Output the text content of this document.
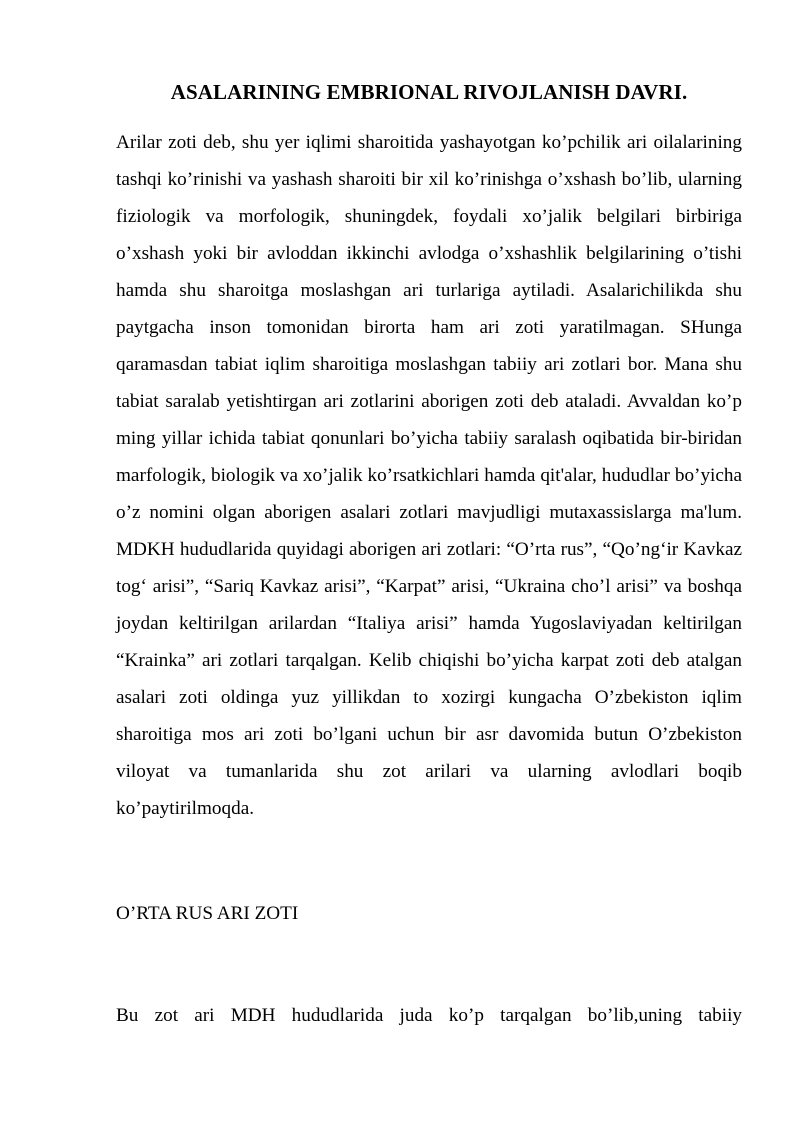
ASALARINING EMBRIONAL RIVOJLANISH DAVRI.

Arilar zoti deb, shu yer iqlimi sharoitida yashayotgan ko’pchilik ari oilalarining tashqi ko’rinishi va yashash sharoiti bir xil ko’rinishga o’xshash bo’lib, ularning fiziologik va morfologik, shuningdek, foydali xo’jalik belgilari birbiriga o’xshash yoki bir avloddan ikkinchi avlodga o’xshashlik belgilarining o’tishi hamda shu sharoitga moslashgan ari turlariga aytiladi. Asalarichilikda shu paytgacha inson tomonidan birorta ham ari zoti yaratilmagan. SHunga qaramasdan tabiat iqlim sharoitiga moslashgan tabiiy ari zotlari bor. Mana shu tabiat saralab yetishtirgan ari zotlarini aborigen zoti deb ataladi. Avvaldan ko’p ming yillar ichida tabiat qonunlari bo’yicha tabiiy saralash oqibatida bir-biridan marfologik, biologik va xo’jalik ko’rsatkichlari hamda qit'alar, hududlar bo’yicha o’z nomini olgan aborigen asalari zotlari mavjudligi mutaxassislarga ma'lum. MDKH hududlarida quyidagi aborigen ari zotlari: “O’rta rus”, “Qo’ng‘ir Kavkaz tog‘ arisi”, “Sariq Kavkaz arisi”, “Karpat” arisi, “Ukraina cho’l arisi” va boshqa joydan keltirilgan arilardan “Italiya arisi” hamda Yugoslaviyadan keltirilgan “Krainka” ari zotlari tarqalgan. Kelib chiqishi bo’yicha karpat zoti deb atalgan asalari zoti oldinga yuz yillikdan to xozirgi kungacha O’zbekiston iqlim sharoitiga mos ari zoti bo’lgani uchun bir asr davomida butun O’zbekiston viloyat va tumanlarida shu zot arilari va ularning avlodlari boqib ko’paytirilmoqda.

O’RTA RUS ARI ZOTI

Bu zot ari MDH hududlarida juda ko’p tarqalgan bo’lib,uning tabiiy
